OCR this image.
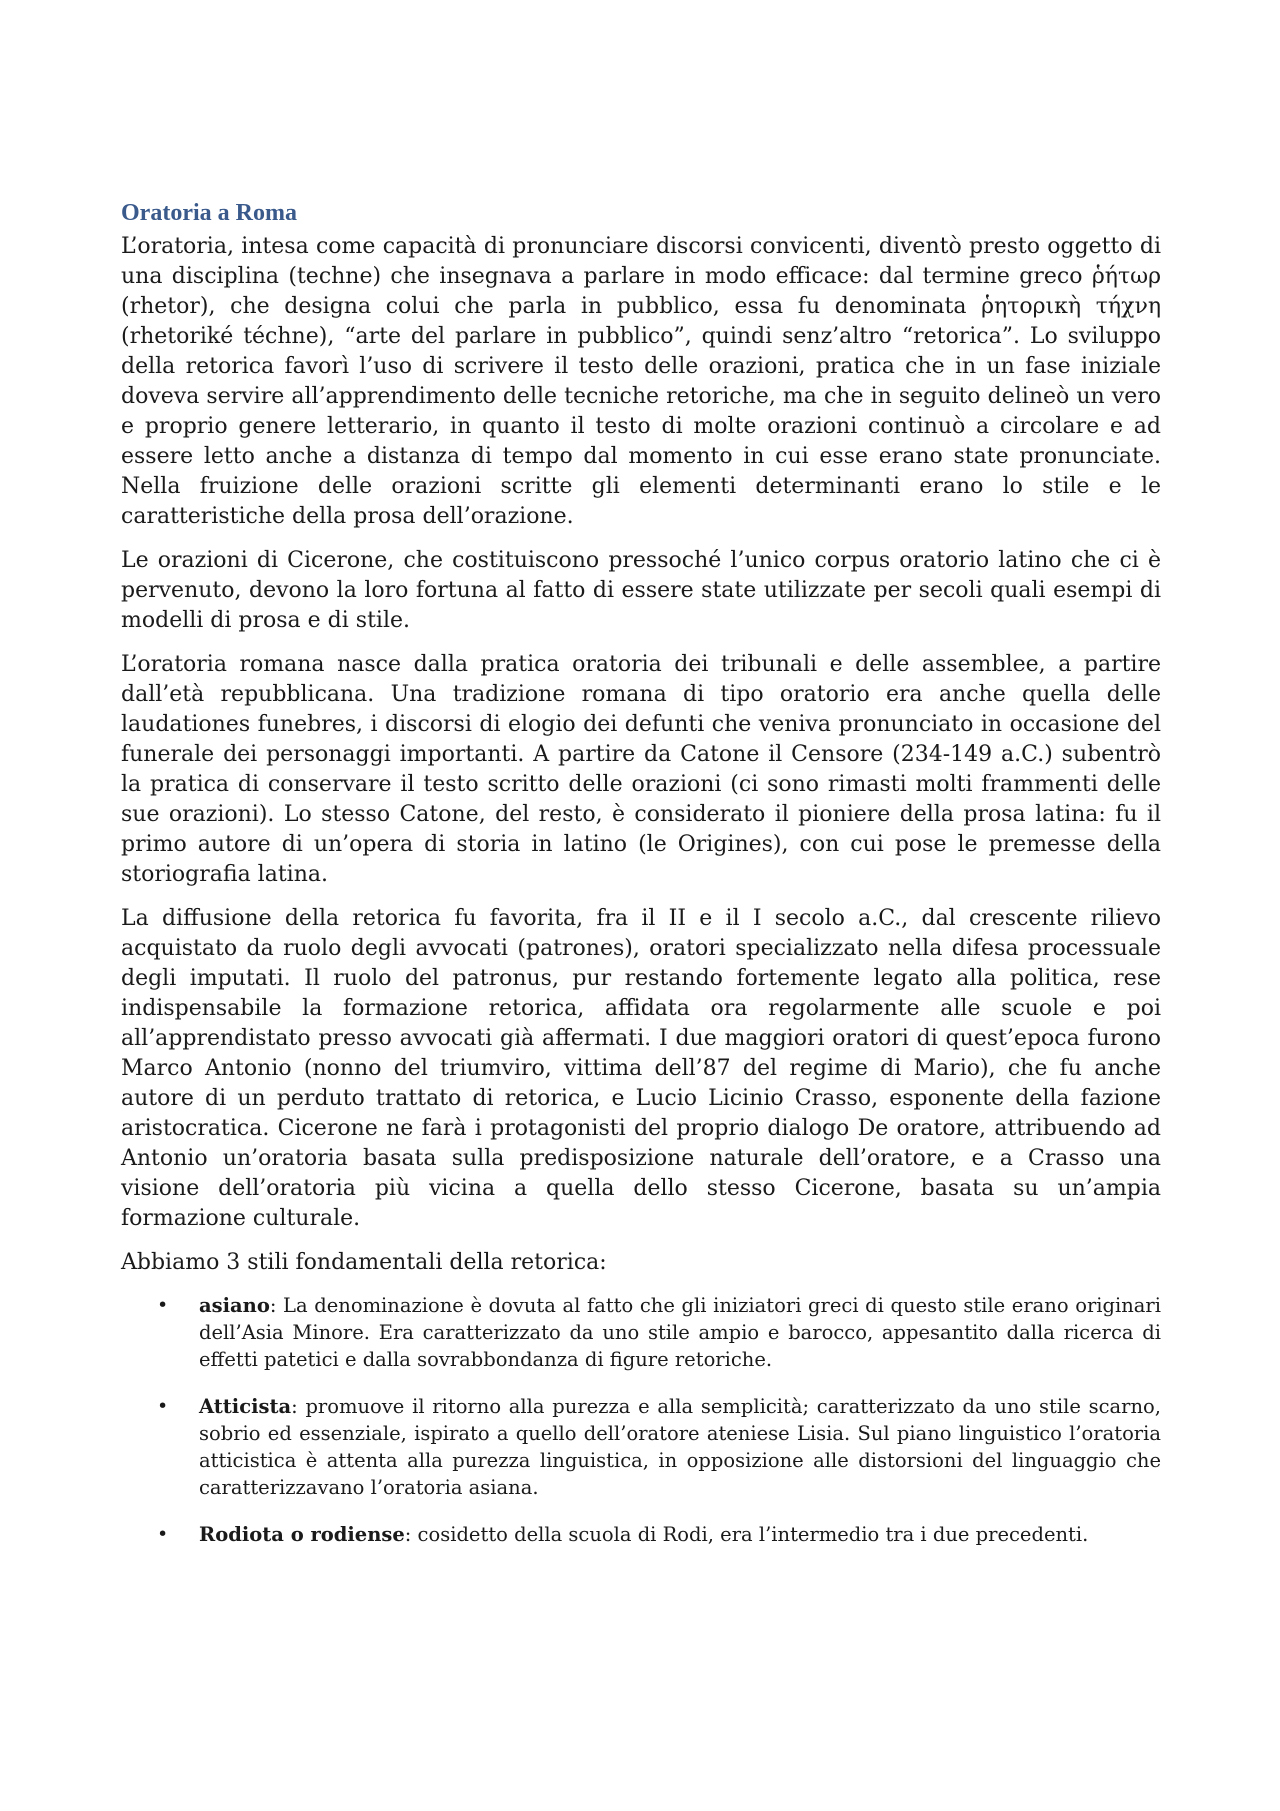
Oratoria a Roma

L’oratoria, intesa come capacità di pronunciare discorsi convicenti, diventò presto oggetto di una disciplina (techne) che insegnava a parlare in modo efficace: dal termine greco ῥήτωρ (rhetor), che designa colui che parla in pubblico, essa fu denominata ῥητορικὴ τήχνη (rhetoriké téchne), “arte del parlare in pubblico”, quindi senz’altro “retorica”. Lo sviluppo della retorica favorì l’uso di scrivere il testo delle orazioni, pratica che in un fase iniziale doveva servire all’apprendimento delle tecniche retoriche, ma che in seguito delineò un vero e proprio genere letterario, in quanto il testo di molte orazioni continuò a circolare e ad essere letto anche a distanza di tempo dal momento in cui esse erano state pronunciate. Nella fruizione delle orazioni scritte gli elementi determinanti erano lo stile e le caratteristiche della prosa dell’orazione.

Le orazioni di Cicerone, che costituiscono pressoché l’unico corpus oratorio latino che ci è pervenuto, devono la loro fortuna al fatto di essere state utilizzate per secoli quali esempi di modelli di prosa e di stile.

L’oratoria romana nasce dalla pratica oratoria dei tribunali e delle assemblee, a partire dall’età repubblicana. Una tradizione romana di tipo oratorio era anche quella delle laudationes funebres, i discorsi di elogio dei defunti che veniva pronunciato in occasione del funerale dei personaggi importanti. A partire da Catone il Censore (234-149 a.C.) subentrò la pratica di conservare il testo scritto delle orazioni (ci sono rimasti molti frammenti delle sue orazioni). Lo stesso Catone, del resto, è considerato il pioniere della prosa latina: fu il primo autore di un’opera di storia in latino (le Origines), con cui pose le premesse della storiografia latina.

La diffusione della retorica fu favorita, fra il II e il I secolo a.C., dal crescente rilievo acquistato da ruolo degli avvocati (patrones), oratori specializzato nella difesa processuale degli imputati. Il ruolo del patronus, pur restando fortemente legato alla politica, rese indispensabile la formazione retorica, affidata ora regolarmente alle scuole e poi all’apprendistato presso avvocati già affermati. I due maggiori oratori di quest’epoca furono Marco Antonio (nonno del triumviro, vittima dell’87 del regime di Mario), che fu anche autore di un perduto trattato di retorica, e Lucio Licinio Crasso, esponente della fazione aristocratica. Cicerone ne farà i protagonisti del proprio dialogo De oratore, attribuendo ad Antonio un’oratoria basata sulla predisposizione naturale dell’oratore, e a Crasso una visione dell’oratoria più vicina a quella dello stesso Cicerone, basata su un’ampia formazione culturale.

Abbiamo 3 stili fondamentali della retorica:

• asiano: La denominazione è dovuta al fatto che gli iniziatori greci di questo stile erano originari dell’Asia Minore. Era caratterizzato da uno stile ampio e barocco, appesantito dalla ricerca di effetti patetici e dalla sovrabbondanza di figure retoriche.
• Atticista: promuove il ritorno alla purezza e alla semplicità; caratterizzato da uno stile scarno, sobrio ed essenziale, ispirato a quello dell’oratore ateniese Lisia. Sul piano linguistico l’oratoria atticistica è attenta alla purezza linguistica, in opposizione alle distorsioni del linguaggio che caratterizzavano l’oratoria asiana.
• Rodiota o rodiense: cosidetto della scuola di Rodi, era l’intermedio tra i due precedenti.
